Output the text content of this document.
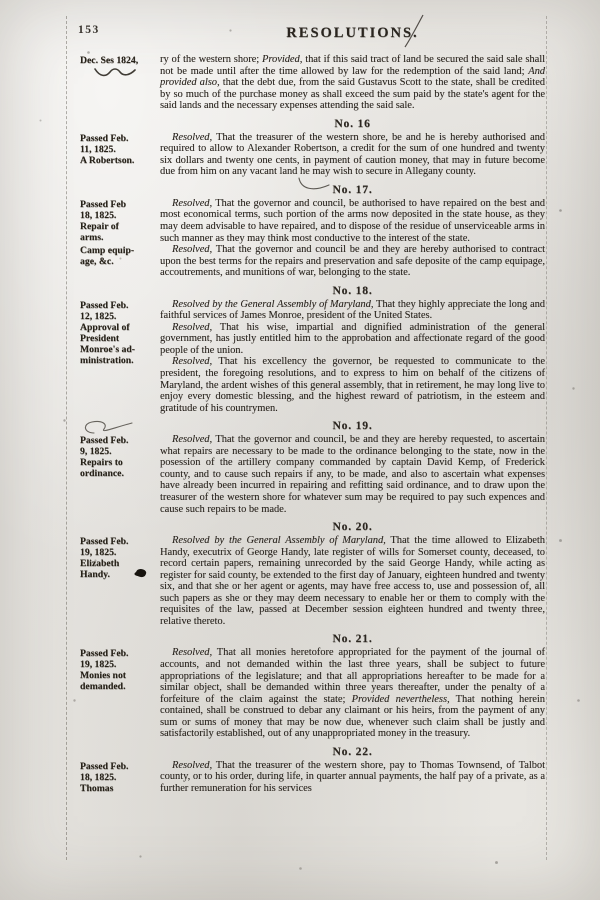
153	RESOLUTIONS.
Dec. Ses 1824,	ry of the western shore; Provided, that if this said tract of land be secured the said sale shall not be made until after the time allowed by law for the redemption of the said land; And provided also, that the debt due, from the said Gustavus Scott to the state, shall be credited by so much of the purchase money as shall exceed the sum paid by the state's agent for the said lands and the necessary expenses attending the said sale.

No. 16
Passed Feb.
11, 1825.
A Robertson.

Resolved, That the treasurer of the western shore, be and he is hereby authorised and required to allow to Alexander Robertson, a credit for the sum of one hundred and twenty six dollars and twenty one cents, in payment of caution money, that may in future become due from him on any vacant land he may wish to secure in Allegany county.

No. 17.
Passed Feb
18, 1825.
Repair of
arms.

Resolved, That the governor and council, be authorised to have repaired on the best and most economical terms, such portion of the arms now deposited in the state house, as they may deem advisable to have repaired, and to dispose of the residue of unserviceable arms in such manner as they may think most conductive to the interest of the state.

Camp equip-
age, &c.

Resolved, That the governor and council be and they are hereby authorised to contract upon the best terms for the repairs and preservation and safe deposite of the camp equipage, accoutrements, and munitions of war, belonging to the state.

No. 18.
Passed Feb.
12, 1825.
Approval of
President
Monroe's ad-
ministration.

Resolved by the General Assembly of Maryland, That they highly appreciate the long and faithful services of James Monroe, president of the United States.

Resolved, That his wise, impartial and dignified administration of the general government, has justly entitled him to the approbation and affectionate regard of the good people of the union.

Resolved, That his excellency the governor, be requested to communicate to the president, the foregoing resolutions, and to express to him on behalf of the citizens of Maryland, the ardent wishes of this general assembly, that in retirement, he may long live to enjoy every domestic blessing, and the highest reward of patriotism, in the esteem and gratitude of his countrymen.

No. 19.
Passed Feb.
9, 1825.
Repairs to
ordinance.

Resolved, That the governor and council, be and they are hereby requested, to ascertain what repairs are necessary to be made to the ordinance belonging to the state, now in the posession of the artillery company commanded by captain David Kemp, of Frederick county, and to cause such repairs if any, to be made, and also to ascertain what expenses have already been incurred in repairing and refitting said ordinance, and to draw upon the treasurer of the western shore for whatever sum may be required to pay such expences and cause such repairs to be made.

No. 20.
Passed Feb.
19, 1825.
Elizabeth
Handy.

Resolved by the General Assembly of Maryland, That the time allowed to Elizabeth Handy, executrix of George Handy, late register of wills for Somerset county, deceased, to record certain papers, remaining unrecorded by the said George Handy, while acting as register for said county, be extended to the first day of January, eighteen hundred and twenty six, and that she or her agent or agents, may have free access to, use and possession of, all such papers as she or they may deem necessary to enable her or them to comply with the requisites of the law, passed at December session eighteen hundred and twenty three, relative thereto.

No. 21.
Passed Feb.
19, 1825.
Monies not
demanded.

Resolved, That all monies heretofore appropriated for the payment of the journal of accounts, and not demanded within the last three years, shall be subject to future appropriations of the legislature; and that all appropriations hereafter to be made for a similar object, shall be demanded within three years thereafter, under the penalty of a forfeiture of the claim against the state; Provided nevertheless, That nothing herein contained, shall be construed to debar any claimant or his heirs, from the payment of any sum or sums of money that may be now due, whenever such claim shall be justly and satisfactorily established, out of any unappropriated money in the treasury.

No. 22.
Passed Feb.
18, 1825.
Thomas

Resolved, That the treasurer of the western shore, pay to Thomas Townsend, of Talbot county, or to his order, during life, in quarter annual payments, the half pay of a private, as a further remuneration for his services
